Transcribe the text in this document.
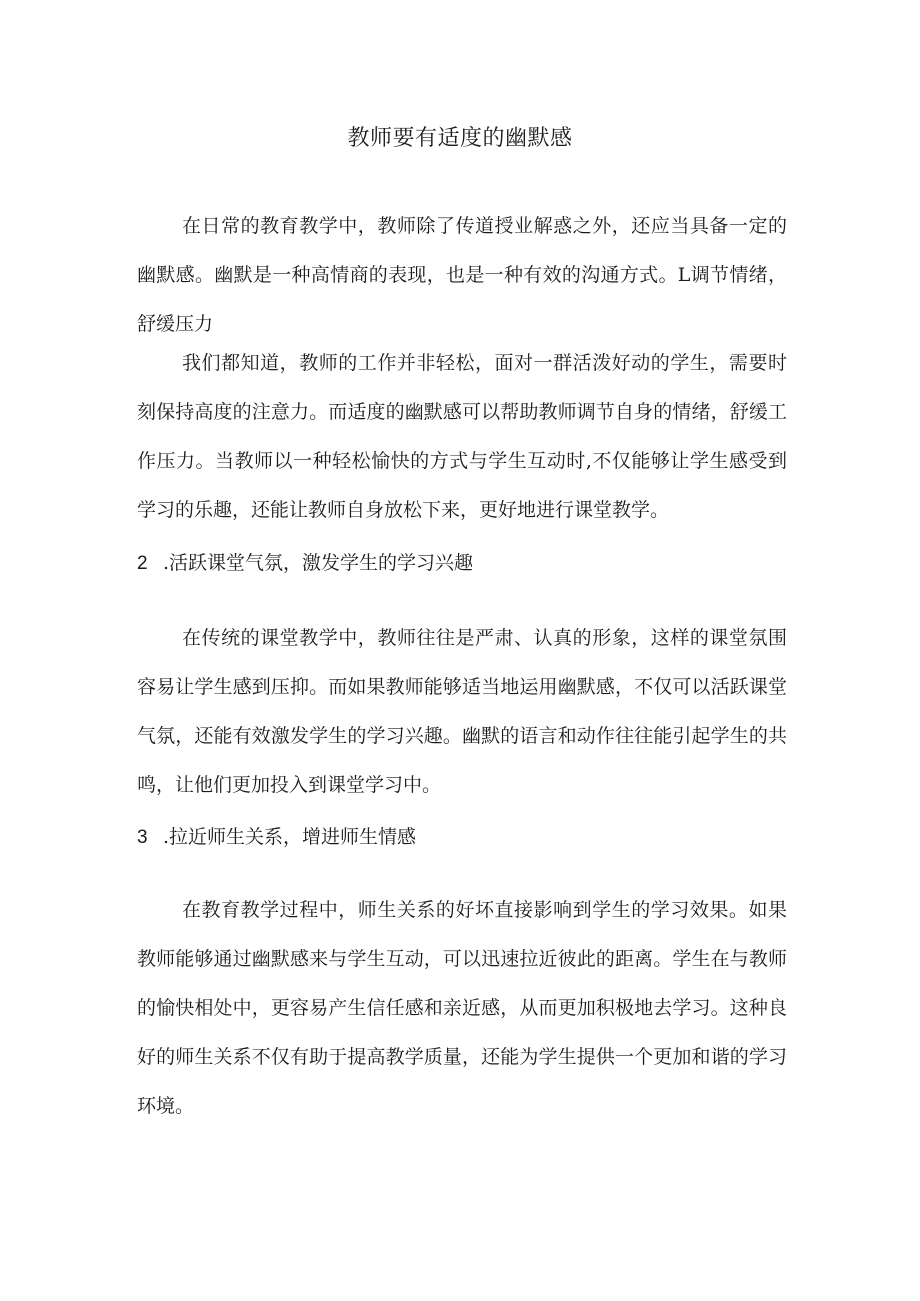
教师要有适度的幽默感

在日常的教育教学中，教师除了传道授业解惑之外，还应当具备一定的幽默感。幽默是一种高情商的表现，也是一种有效的沟通方式。L调节情绪，舒缓压力

我们都知道，教师的工作并非轻松，面对一群活泼好动的学生，需要时刻保持高度的注意力。而适度的幽默感可以帮助教师调节自身的情绪，舒缓工作压力。当教师以一种轻松愉快的方式与学生互动时,不仅能够让学生感受到学习的乐趣，还能让教师自身放松下来，更好地进行课堂教学。

2 .活跃课堂气氛，激发学生的学习兴趣

在传统的课堂教学中，教师往往是严肃、认真的形象，这样的课堂氛围容易让学生感到压抑。而如果教师能够适当地运用幽默感，不仅可以活跃课堂气氛，还能有效激发学生的学习兴趣。幽默的语言和动作往往能引起学生的共鸣，让他们更加投入到课堂学习中。

3 .拉近师生关系，增进师生情感

在教育教学过程中，师生关系的好坏直接影响到学生的学习效果。如果教师能够通过幽默感来与学生互动，可以迅速拉近彼此的距离。学生在与教师的愉快相处中，更容易产生信任感和亲近感，从而更加积极地去学习。这种良好的师生关系不仅有助于提高教学质量，还能为学生提供一个更加和谐的学习环境。
